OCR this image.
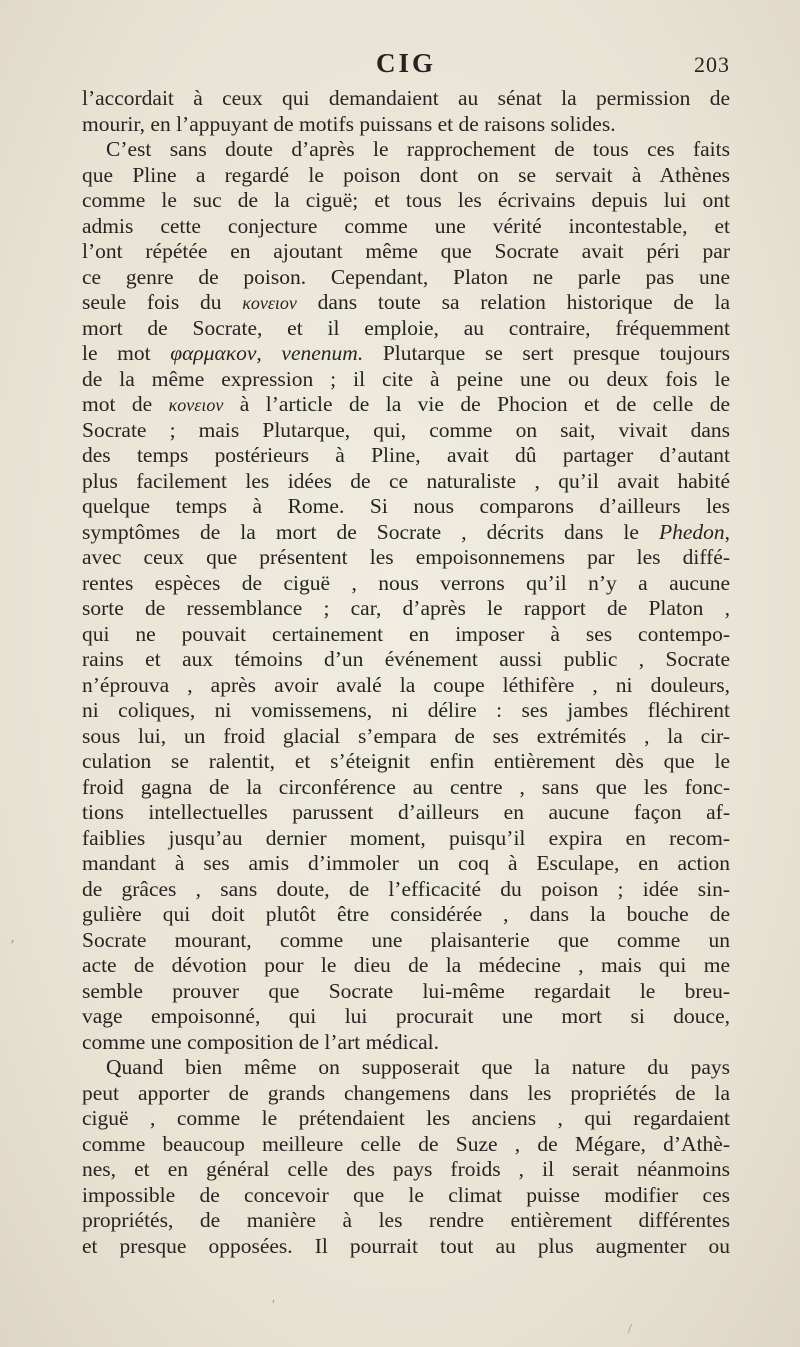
CIG	203
l’accordait à ceux qui demandaient au sénat la permission de
mourir, en l’appuyant de motifs puissans et de raisons solides.
C’est sans doute d’après le rapprochement de tous ces faits
que Pline a regardé le poison dont on se servait à Athènes
comme le suc de la ciguë; et tous les écrivains depuis lui ont
admis cette conjecture comme une vérité incontestable, et
l’ont répétée en ajoutant même que Socrate avait péri par
ce genre de poison. Cependant, Platon ne parle pas une
seule fois du κονειον dans toute sa relation historique de la
mort de Socrate, et il emploie, au contraire, fréquemment
le mot φαρμακον, venenum. Plutarque se sert presque toujours
de la même expression ; il cite à peine une ou deux fois le
mot de κονειον à l’article de la vie de Phocion et de celle de
Socrate ; mais Plutarque, qui, comme on sait, vivait dans
des temps postérieurs à Pline, avait dû partager d’autant
plus facilement les idées de ce naturaliste , qu’il avait habité
quelque temps à Rome. Si nous comparons d’ailleurs les
symptômes de la mort de Socrate , décrits dans le Phedon,
avec ceux que présentent les empoisonnemens par les diffé-
rentes espèces de ciguë , nous verrons qu’il n’y a aucune
sorte de ressemblance ; car, d’après le rapport de Platon ,
qui ne pouvait certainement en imposer à ses contempo-
rains et aux témoins d’un événement aussi public , Socrate
n’éprouva , après avoir avalé la coupe léthifère , ni douleurs,
ni coliques, ni vomissemens, ni délire : ses jambes fléchirent
sous lui, un froid glacial s’empara de ses extrémités , la cir-
culation se ralentit, et s’éteignit enfin entièrement dès que le
froid gagna de la circonférence au centre , sans que les fonc-
tions intellectuelles parussent d’ailleurs en aucune façon af-
faiblies jusqu’au dernier moment, puisqu’il expira en recom-
mandant à ses amis d’immoler un coq à Esculape, en action
de grâces , sans doute, de l’efficacité du poison ; idée sin-
gulière qui doit plutôt être considérée , dans la bouche de
Socrate mourant, comme une plaisanterie que comme un
acte de dévotion pour le dieu de la médecine , mais qui me
semble prouver que Socrate lui-même regardait le breu-
vage empoisonné, qui lui procurait une mort si douce,
comme une composition de l’art médical.
Quand bien même on supposerait que la nature du pays
peut apporter de grands changemens dans les propriétés de la
ciguë , comme le prétendaient les anciens , qui regardaient
comme beaucoup meilleure celle de Suze , de Mégare, d’Athè-
nes, et en général celle des pays froids , il serait néanmoins
impossible de concevoir que le climat puisse modifier ces
propriétés, de manière à les rendre entièrement différentes
et presque opposées. Il pourrait tout au plus augmenter ou
ʼ
′
/
